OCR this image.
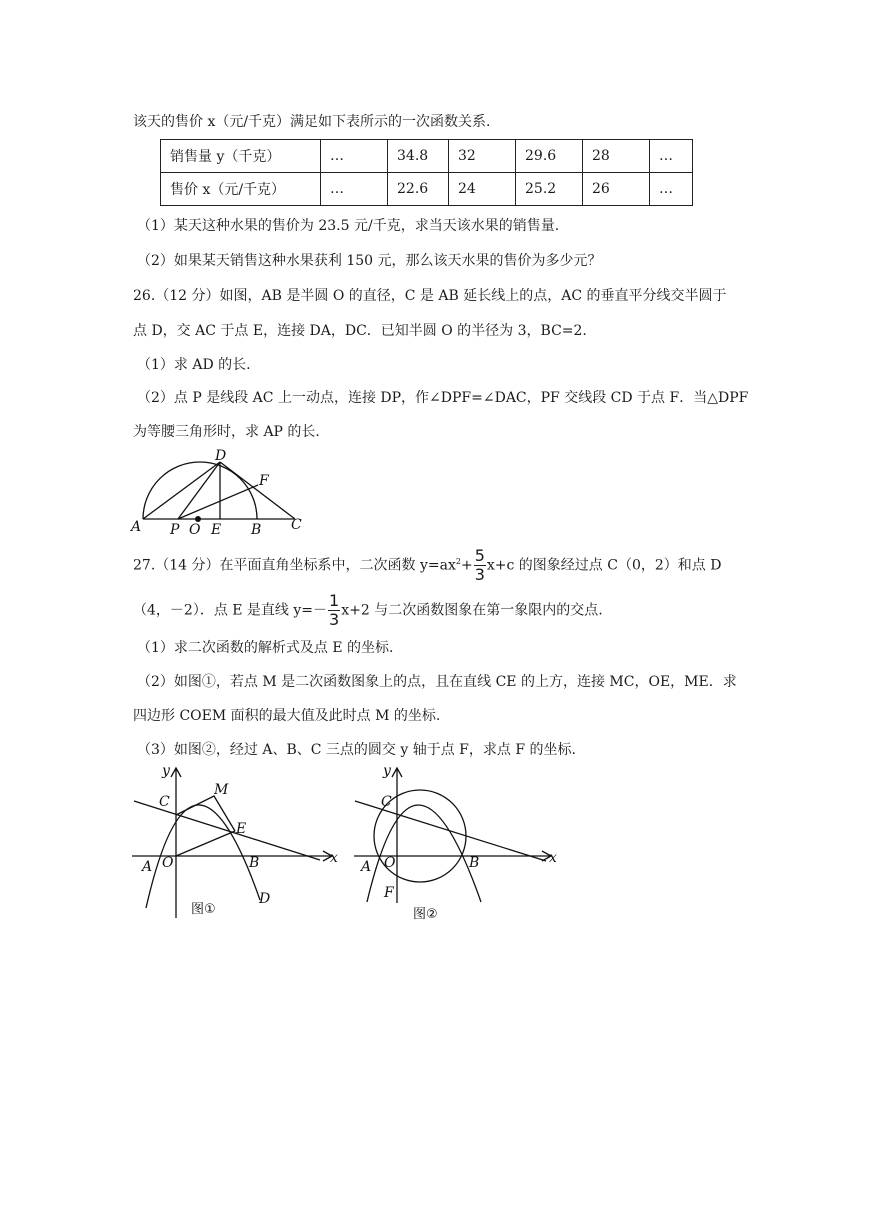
该天的售价 x（元/千克）满足如下表所示的一次函数关系.
销售量 y（千克）	…	34.8	32	29.6	28	…
售价 x（元/千克）	…	22.6	24	25.2	26	…
（1）某天这种水果的售价为 23.5 元/千克，求当天该水果的销售量.
（2）如果某天销售这种水果获利 150 元，那么该天水果的售价为多少元？
26.（12 分）如图，AB 是半圆 O 的直径，C 是 AB 延长线上的点，AC 的垂直平分线交半圆于
点 D，交 AC 于点 E，连接 DA，DC．已知半圆 O 的半径为 3，BC=2.
（1）求 AD 的长.
（2）点 P 是线段 AC 上一动点，连接 DP，作∠DPF=∠DAC，PF 交线段 CD 于点 F．当△DPF
为等腰三角形时，求 AP 的长.
A P O E B C
D
F
27.（14 分）在平面直角坐标系中，二次函数 $y=ax^2+ \frac{5}{3} x+c$ 的图象经过点 C（0，2）和点 D
（4，－2）．点 E 是直线 $y=- \frac{1}{3} x+2$ 与二次函数图象在第一象限内的交点.
（1）求二次函数的解析式及点 E 的坐标.
（2）如图①，若点 M 是二次函数图象上的点，且在直线 CE 的上方，连接 MC，OE，ME．求
四边形 COEM 面积的最大值及此时点 M 的坐标.
（3）如图②，经过 A、B、C 三点的圆交 y 轴于点 F，求点 F 的坐标.
y
x
C
M
E
A O	B
D
图①
y
x
C
A O	B
F
图②
